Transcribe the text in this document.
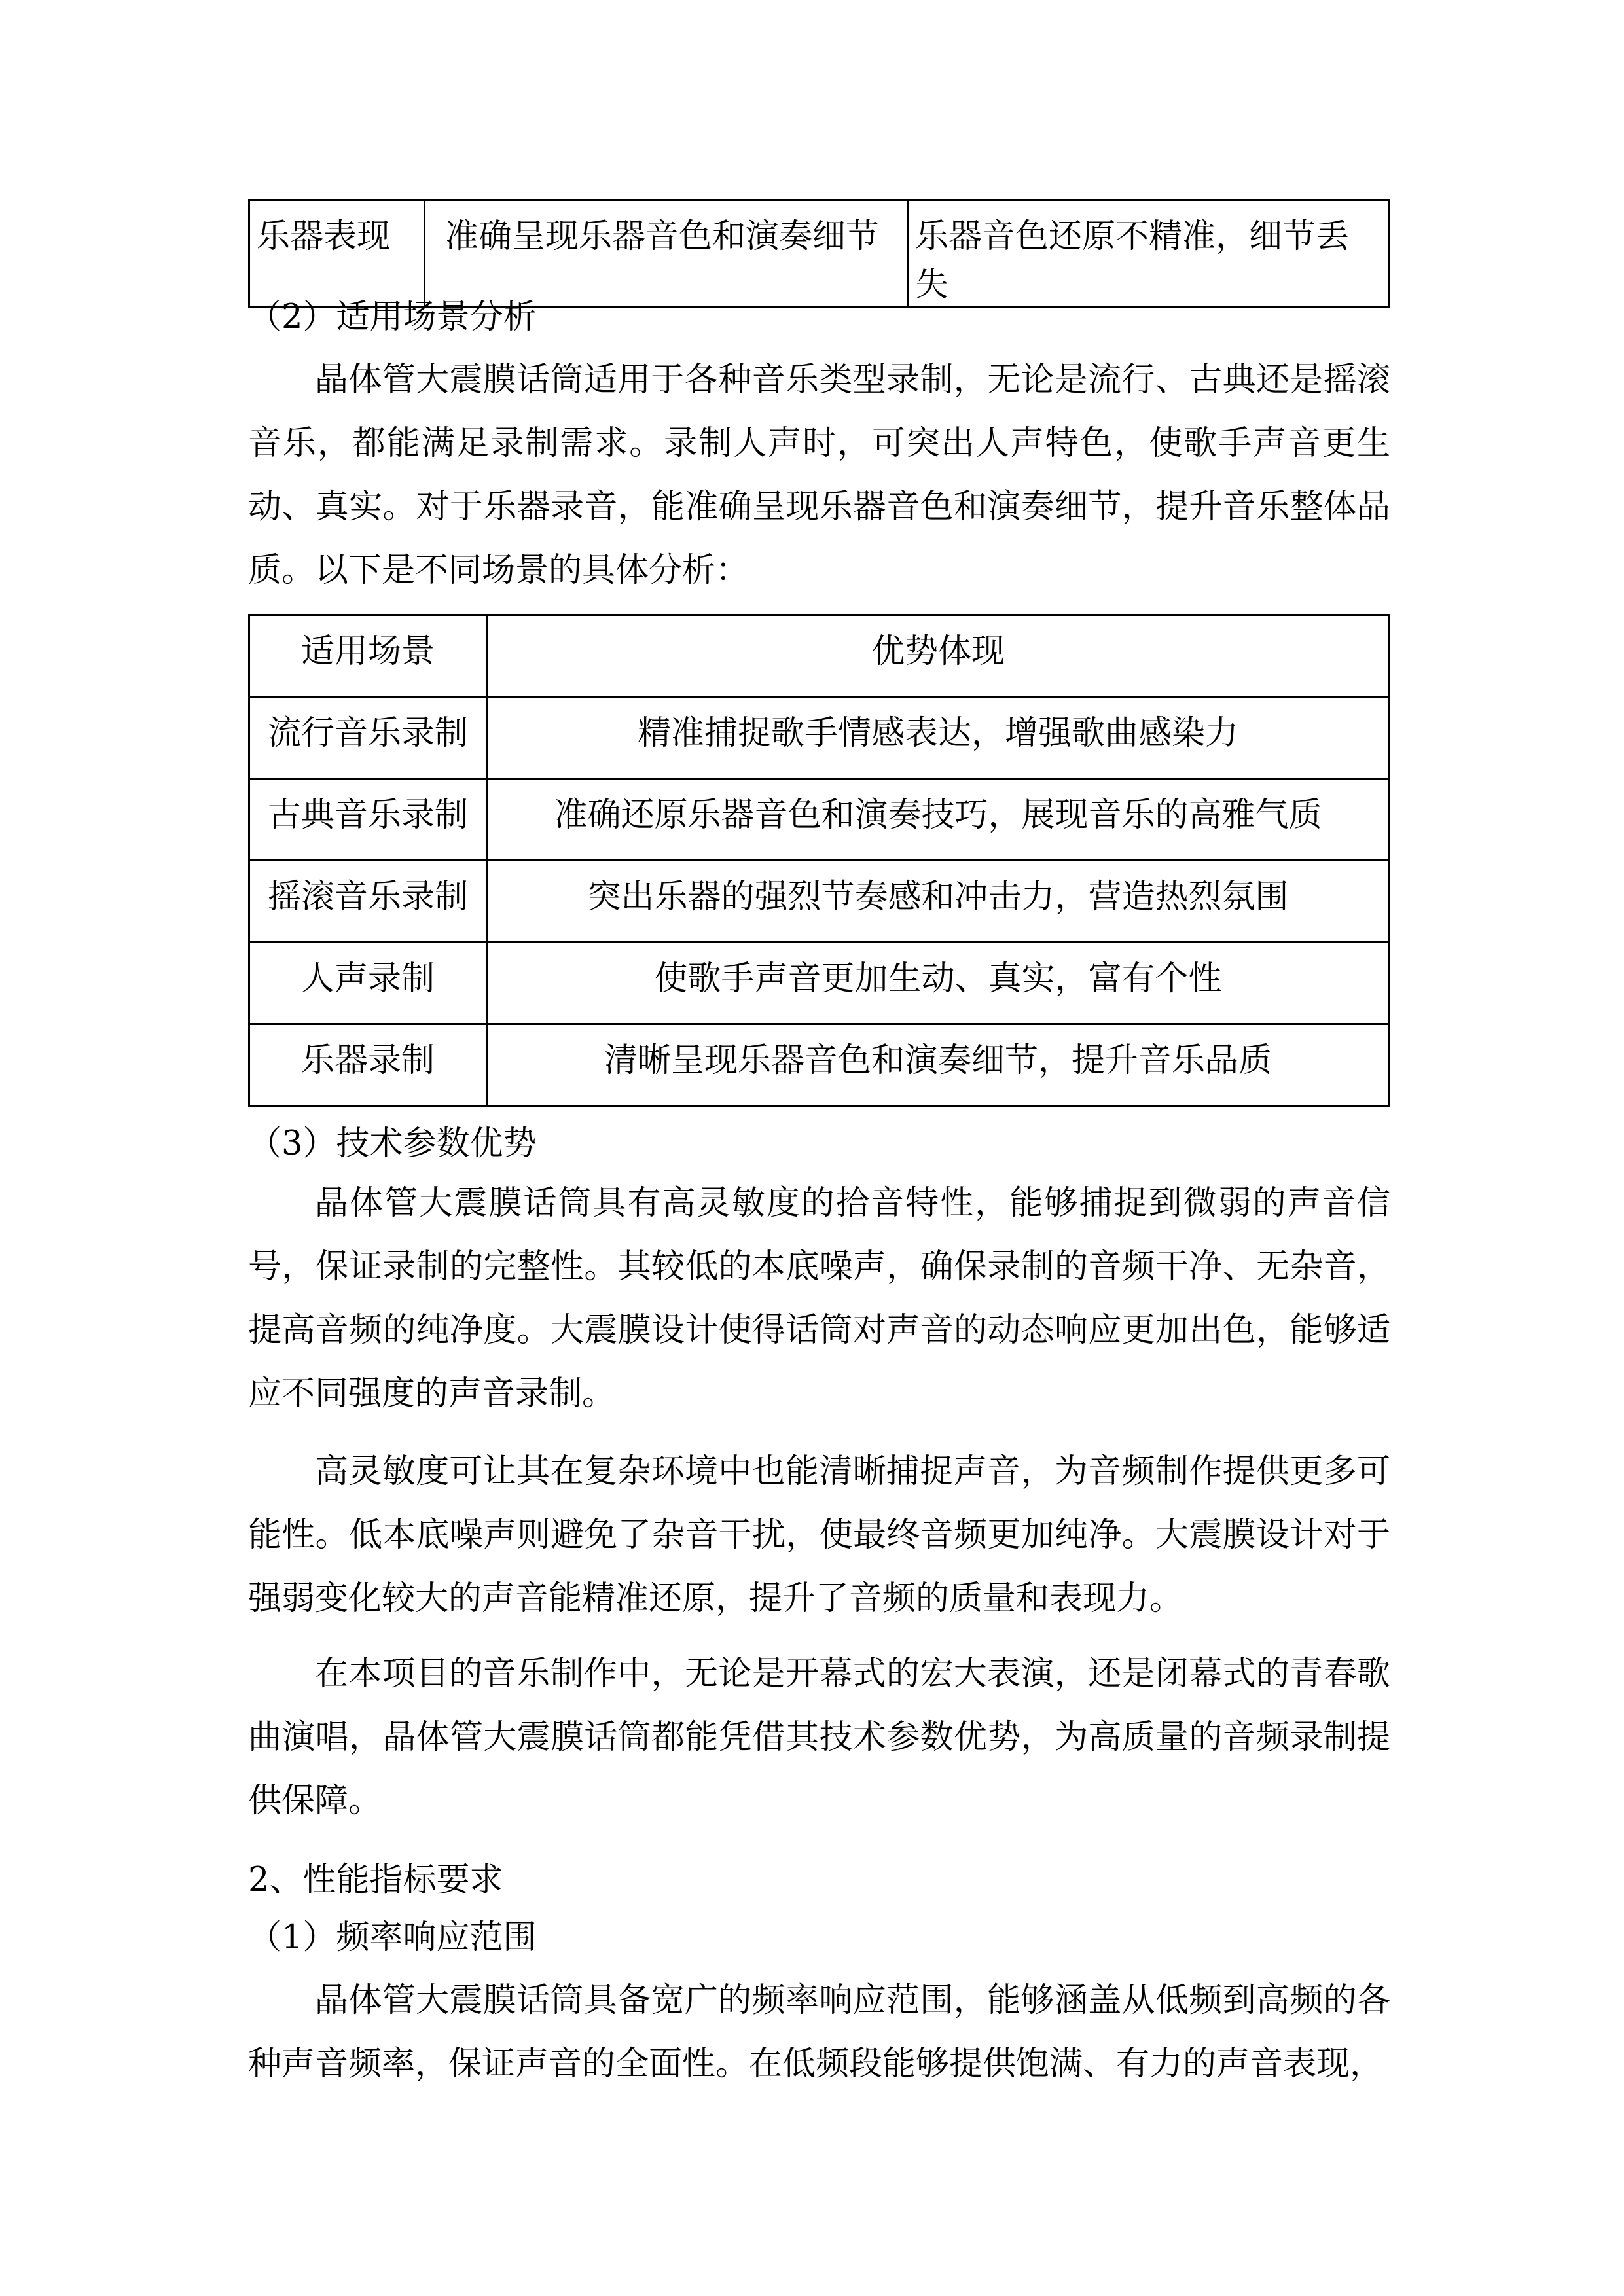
乐器表现	准确呈现乐器音色和演奏细节	乐器音色还原不精准，细节丢失
（2）适用场景分析
晶体管大震膜话筒适用于各种音乐类型录制，无论是流行、古典还是摇滚音乐，都能满足录制需求。录制人声时，可突出人声特色，使歌手声音更生动、真实。对于乐器录音，能准确呈现乐器音色和演奏细节，提升音乐整体品质。以下是不同场景的具体分析：
适用场景	优势体现
流行音乐录制	精准捕捉歌手情感表达，增强歌曲感染力
古典音乐录制	准确还原乐器音色和演奏技巧，展现音乐的高雅气质
摇滚音乐录制	突出乐器的强烈节奏感和冲击力，营造热烈氛围
人声录制	使歌手声音更加生动、真实，富有个性
乐器录制	清晰呈现乐器音色和演奏细节，提升音乐品质
（3）技术参数优势
晶体管大震膜话筒具有高灵敏度的拾音特性，能够捕捉到微弱的声音信号，保证录制的完整性。其较低的本底噪声，确保录制的音频干净、无杂音，提高音频的纯净度。大震膜设计使得话筒对声音的动态响应更加出色，能够适应不同强度的声音录制。
高灵敏度可让其在复杂环境中也能清晰捕捉声音，为音频制作提供更多可能性。低本底噪声则避免了杂音干扰，使最终音频更加纯净。大震膜设计对于强弱变化较大的声音能精准还原，提升了音频的质量和表现力。
在本项目的音乐制作中，无论是开幕式的宏大表演，还是闭幕式的青春歌曲演唱，晶体管大震膜话筒都能凭借其技术参数优势，为高质量的音频录制提供保障。
2、性能指标要求
（1）频率响应范围
晶体管大震膜话筒具备宽广的频率响应范围，能够涵盖从低频到高频的各种声音频率，保证声音的全面性。在低频段能够提供饱满、有力的声音表现，
